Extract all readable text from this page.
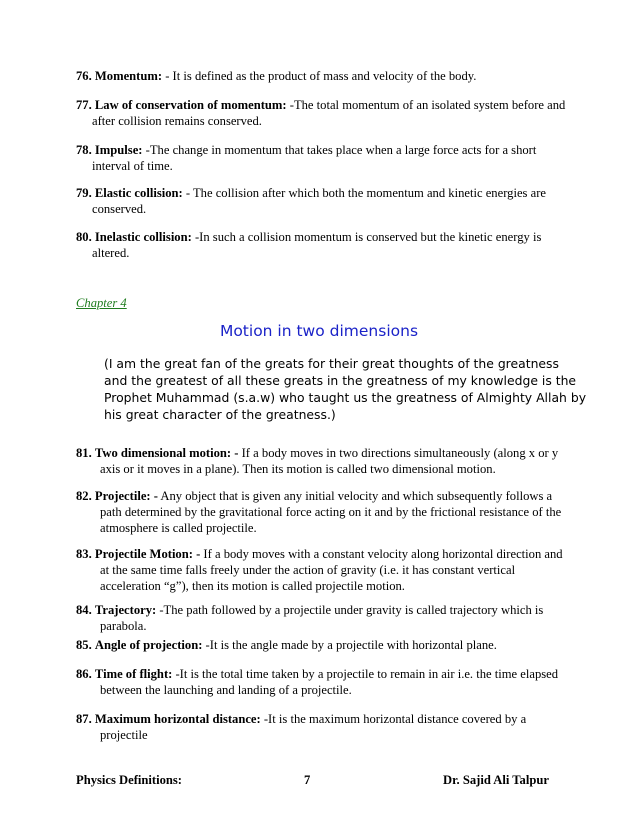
76. Momentum: - It is defined as the product of mass and velocity of the body.
77. Law of conservation of momentum: -The total momentum of an isolated system before and
after collision remains conserved.
78. Impulse: -The change in momentum that takes place when a large force acts for a short
interval of time.
79. Elastic collision: - The collision after which both the momentum and kinetic energies are
conserved.
80. Inelastic collision: -In such a collision momentum is conserved but the kinetic energy is
altered.
Chapter 4
Motion in two dimensions
(I am the great fan of the greats for their great thoughts of the greatness
and the greatest of all these greats in the greatness of my knowledge is the
Prophet Muhammad (s.a.w) who taught us the greatness of Almighty Allah by
his great character of the greatness.)
81. Two dimensional motion: - If a body moves in two directions simultaneously (along x or y
axis or it moves in a plane). Then its motion is called two dimensional motion.
82. Projectile: - Any object that is given any initial velocity and which subsequently follows a
path determined by the gravitational force acting on it and by the frictional resistance of the
atmosphere is called projectile.
83. Projectile Motion: - If a body moves with a constant velocity along horizontal direction and
at the same time falls freely under the action of gravity (i.e. it has constant vertical
acceleration “g”), then its motion is called projectile motion.
84. Trajectory: -The path followed by a projectile under gravity is called trajectory which is
parabola.
85. Angle of projection: -It is the angle made by a projectile with horizontal plane.
86. Time of flight: -It is the total time taken by a projectile to remain in air i.e. the time elapsed
between the launching and landing of a projectile.
87. Maximum horizontal distance: -It is the maximum horizontal distance covered by a
projectile
Physics Definitions:	7	Dr. Sajid Ali Talpur
